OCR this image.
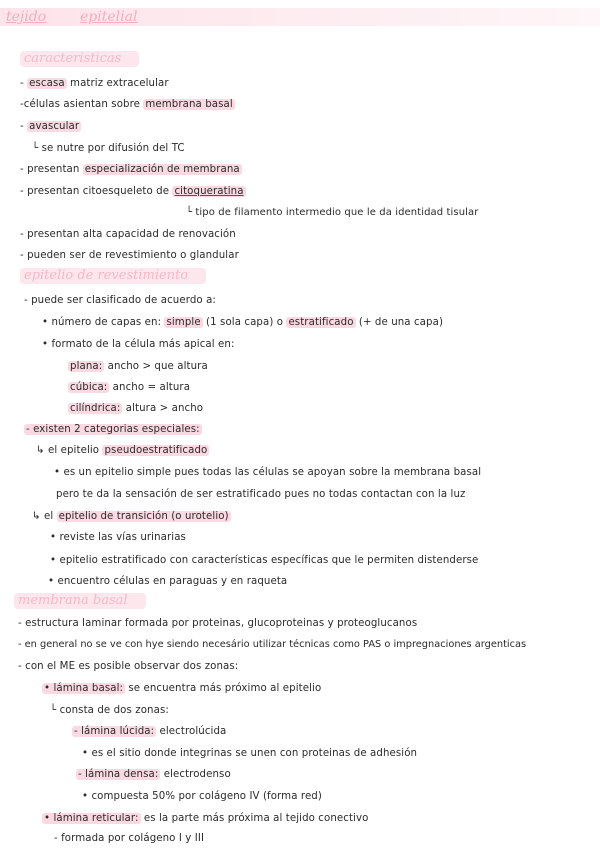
tejido epitelial
caracteristicas
- escasa matriz extracelular
-células asientan sobre membrana basal
- avascular
└ se nutre por difusión del TC
- presentan especialización de membrana
- presentan citoesqueleto de citoqueratina
└ tipo de filamento intermedio que le da identidad tisular
- presentan alta capacidad de renovación
- pueden ser de revestimiento o glandular
epitelio de revestimiento
- puede ser clasificado de acuerdo a:
• número de capas en: simple (1 sola capa) o estratificado (+ de una capa)
• formato de la célula más apical en:
plana: ancho > que altura
cúbica: ancho = altura
cilíndrica: altura > ancho
- existen 2 categorias especiales:
↳ el epitelio pseudoestratificado
• es un epitelio simple pues todas las células se apoyan sobre la membrana basal
pero te da la sensación de ser estratificado pues no todas contactan con la luz
↳ el epitelio de transición (o urotelio)
• reviste las vías urinarias
• epitelio estratificado con características específicas que le permiten distenderse
• encuentro células en paraguas y en raqueta
membrana basal
- estructura laminar formada por proteinas, glucoproteinas y proteoglucanos
- en general no se ve con hye siendo necesário utilizar técnicas como PAS o impregnaciones argenticas
- con el ME es posible observar dos zonas:
• lámina basal: se encuentra más próximo al epitelio
└ consta de dos zonas:
- lámina lúcida: electrolúcida
• es el sitio donde integrinas se unen con proteinas de adhesión
- lámina densa: electrodenso
• compuesta 50% por colágeno IV (forma red)
• lámina reticular: es la parte más próxima al tejido conectivo
- formada por colágeno I y III
